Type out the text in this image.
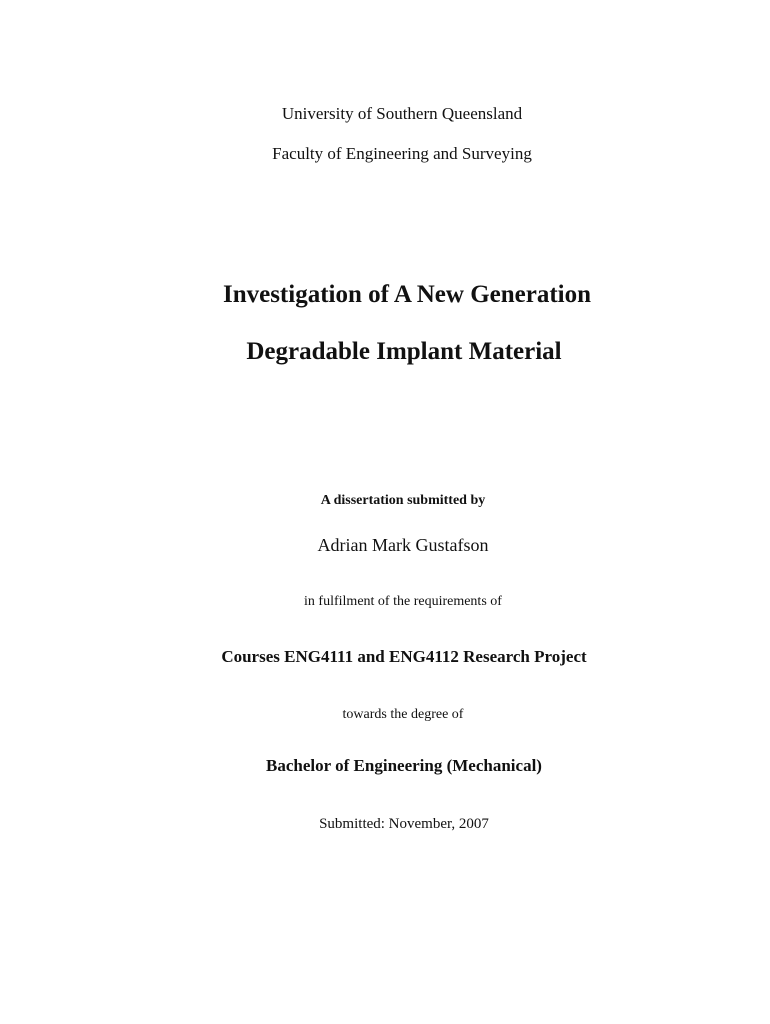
University of Southern Queensland
Faculty of Engineering and Surveying
Investigation of A New Generation
Degradable Implant Material
A dissertation submitted by
Adrian Mark Gustafson
in fulfilment of the requirements of
Courses ENG4111 and ENG4112 Research Project
towards the degree of
Bachelor of Engineering (Mechanical)
Submitted: November, 2007
